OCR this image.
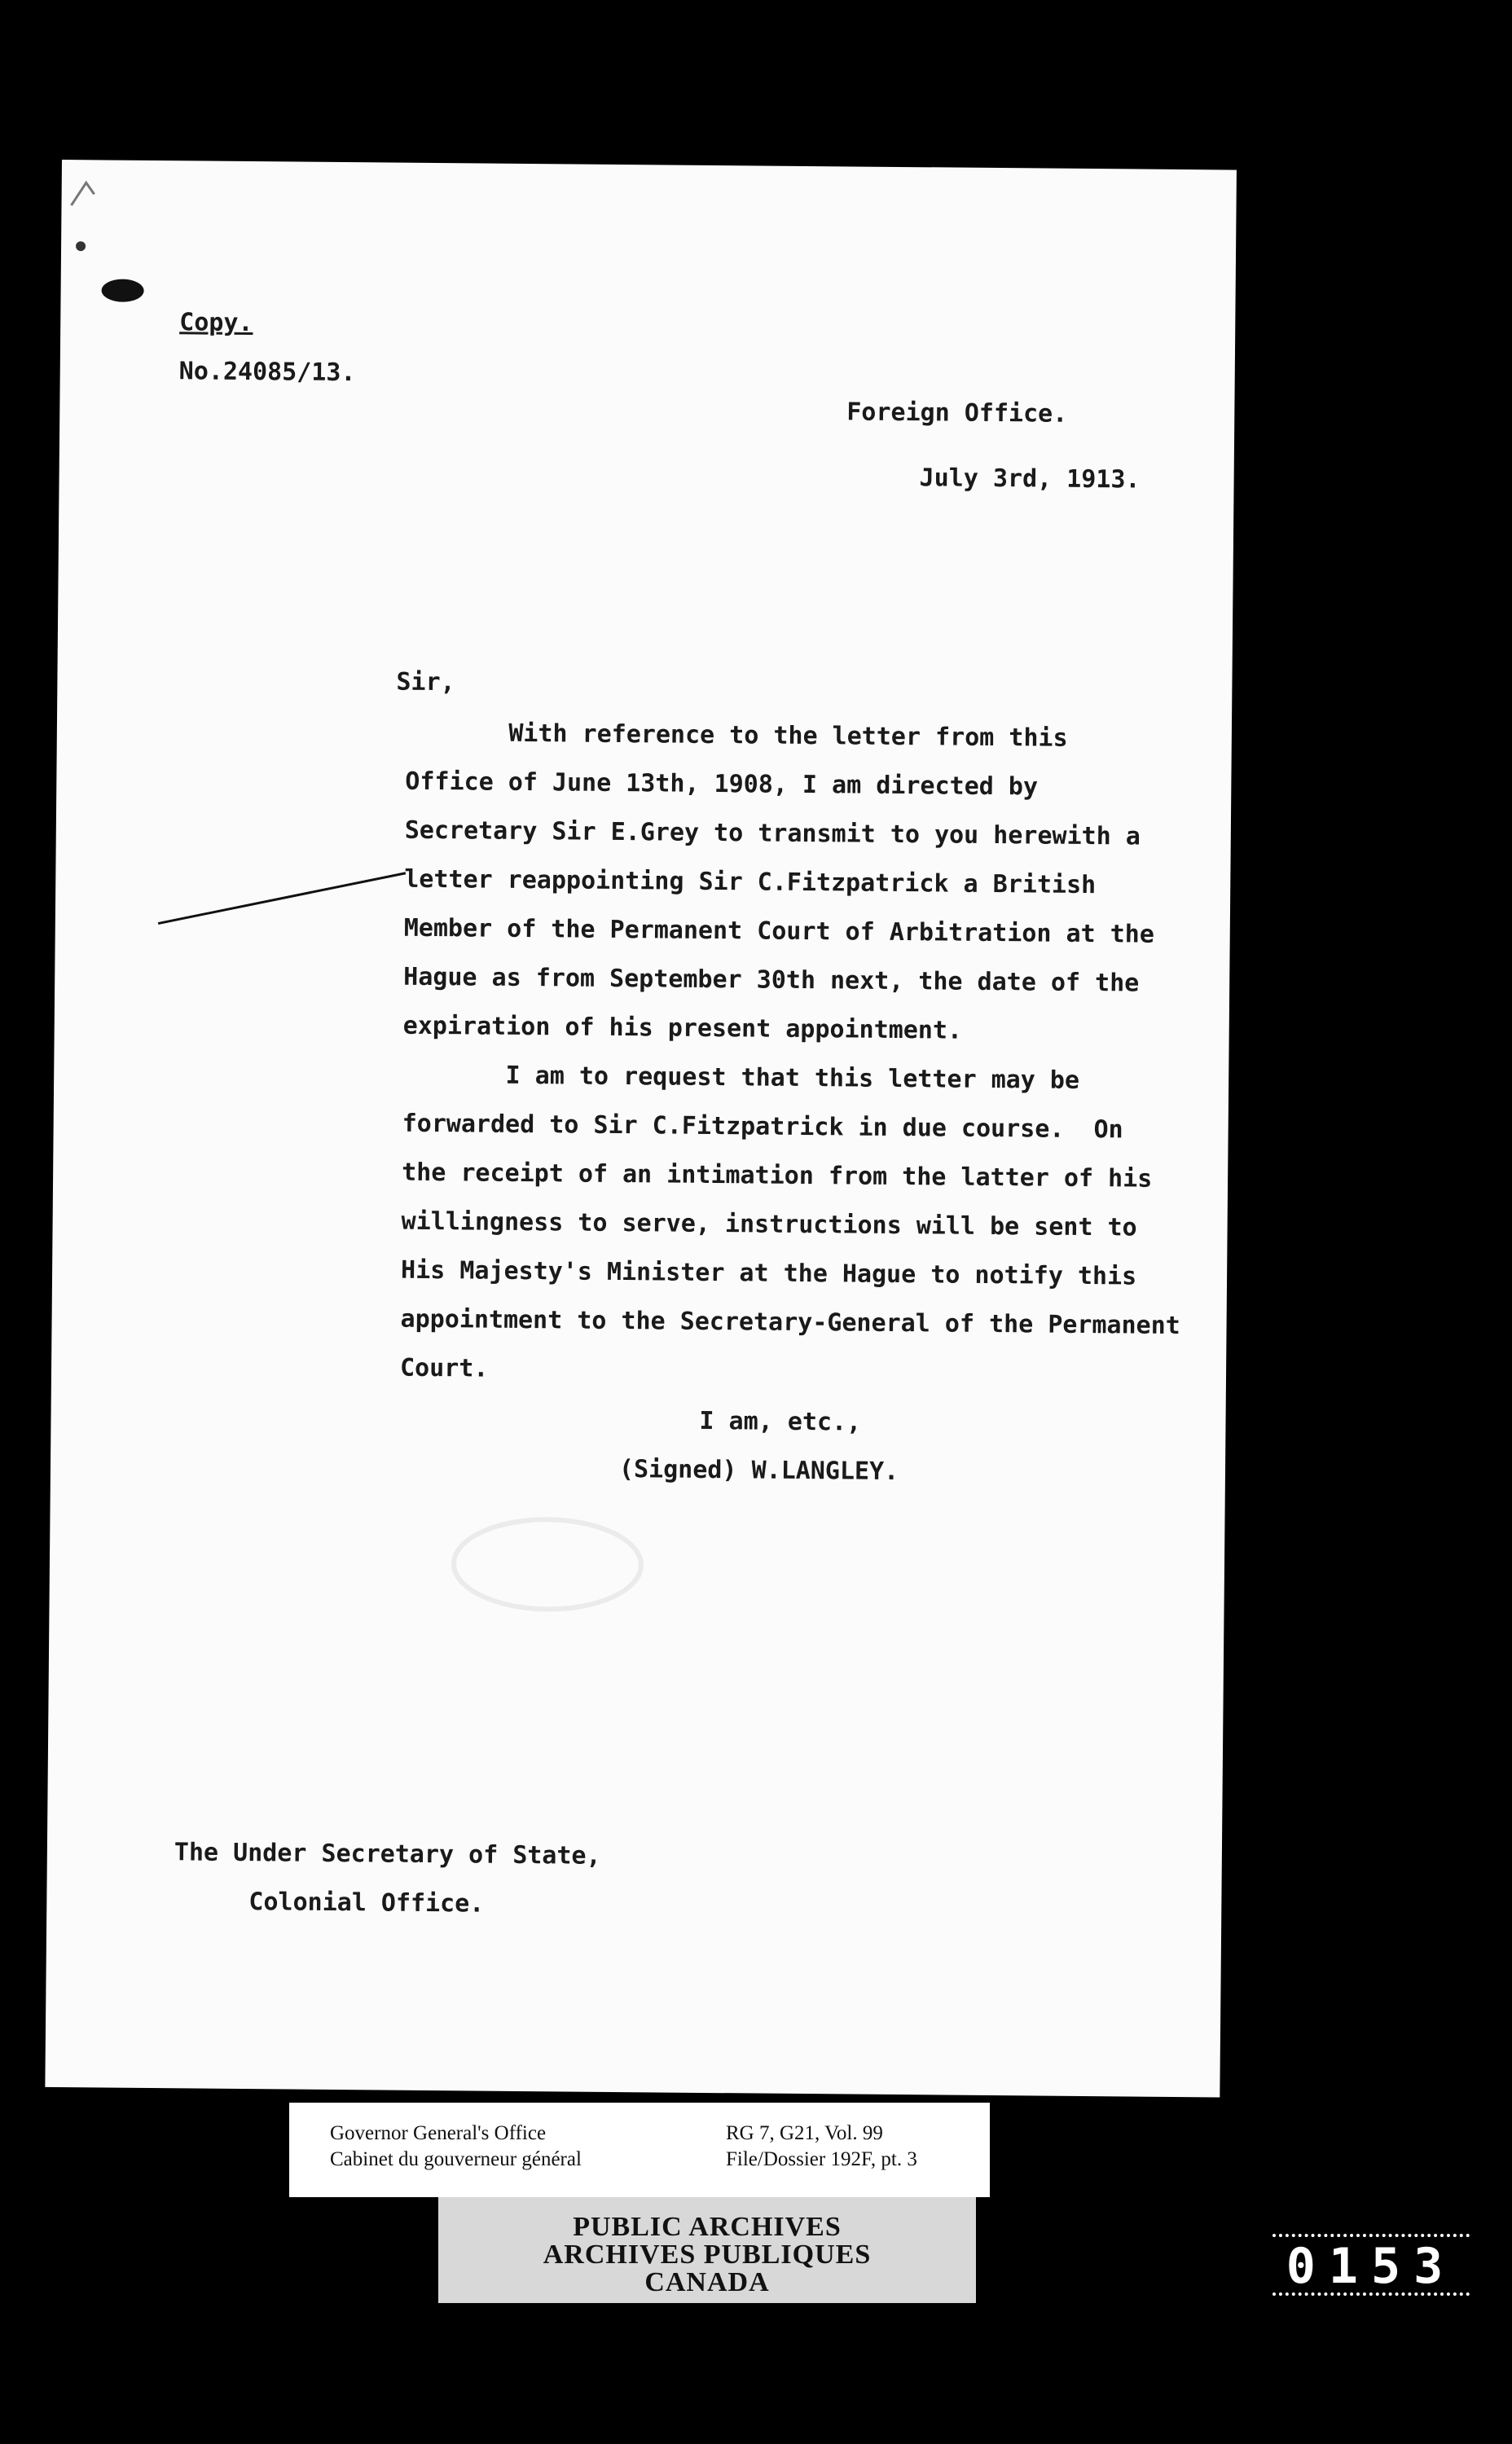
Copy.
No.24085/13.
Foreign Office.
July 3rd, 1913.
Sir,
With reference to the letter from this
Office of June 13th, 1908, I am directed by
Secretary Sir E.Grey to transmit to you herewith a
letter reappointing Sir C.Fitzpatrick a British
Member of the Permanent Court of Arbitration at the
Hague as from September 30th next, the date of the
expiration of his present appointment.
I am to request that this letter may be
forwarded to Sir C.Fitzpatrick in due course.  On
the receipt of an intimation from the latter of his
willingness to serve, instructions will be sent to
His Majesty's Minister at the Hague to notify this
appointment to the Secretary-General of the Permanent
Court.
I am, etc.,
(Signed) W.LANGLEY.
The Under Secretary of State,
Colonial Office.
Governor General's Office
Cabinet du gouverneur général
RG 7, G21, Vol. 99
File/Dossier 192F, pt. 3
PUBLIC ARCHIVES
ARCHIVES PUBLIQUES
CANADA	0153
